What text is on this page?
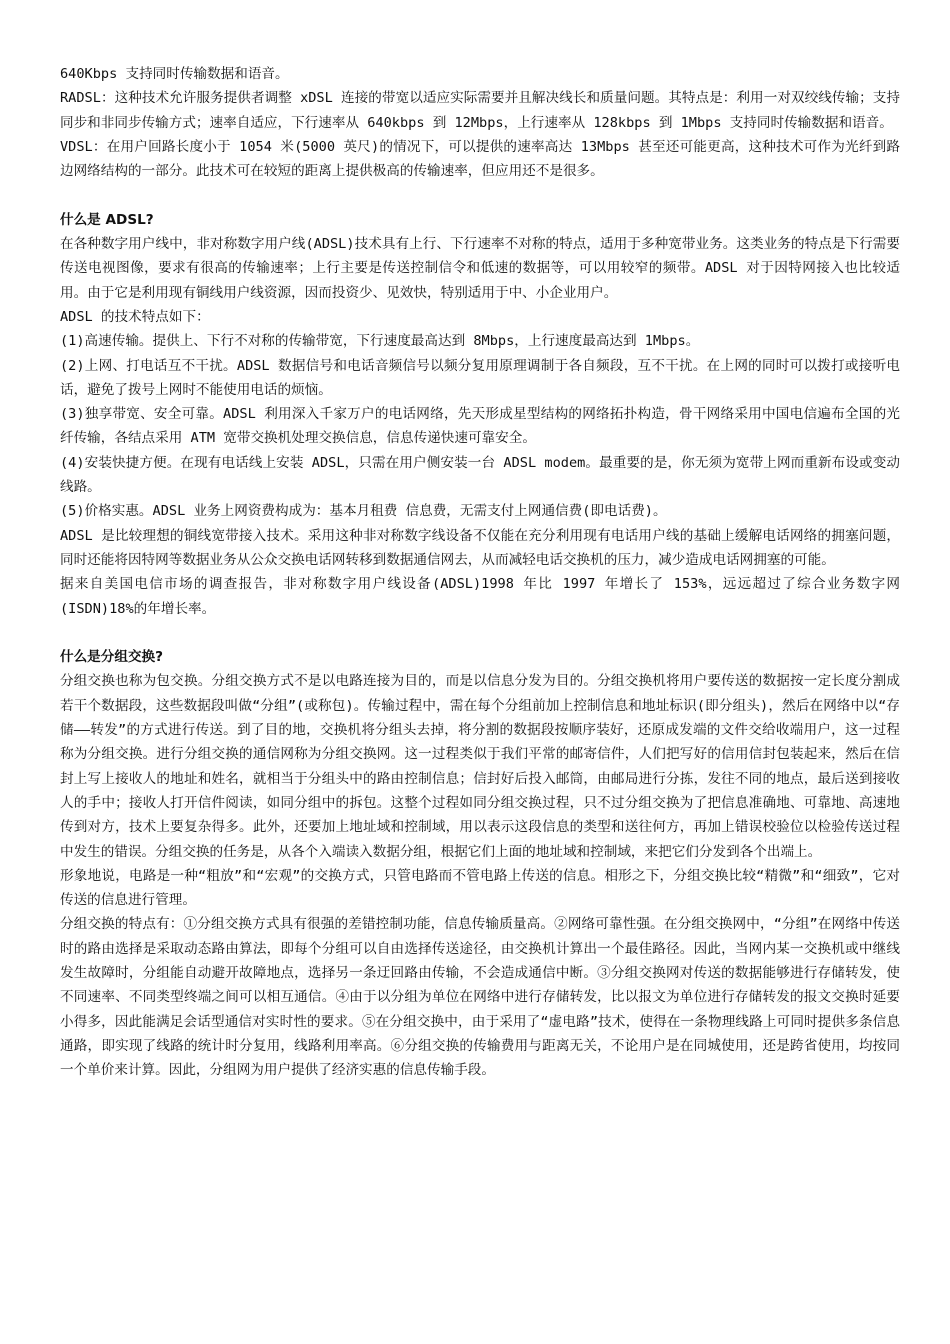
640Kbps 支持同时传输数据和语音。

RADSL：这种技术允许服务提供者调整 xDSL 连接的带宽以适应实际需要并且解决线长和质量问题。其特点是：利用一对双绞线传输；支持同步和非同步传输方式；速率自适应，下行速率从 640kbps 到 12Mbps，上行速率从 128kbps 到 1Mbps 支持同时传输数据和语音。

VDSL：在用户回路长度小于 1054 米(5000 英尺)的情况下，可以提供的速率高达 13Mbps 甚至还可能更高，这种技术可作为光纤到路边网络结构的一部分。此技术可在较短的距离上提供极高的传输速率，但应用还不是很多。

什么是 ADSL?

在各种数字用户线中，非对称数字用户线(ADSL)技术具有上行、下行速率不对称的特点，适用于多种宽带业务。这类业务的特点是下行需要传送电视图像，要求有很高的传输速率；上行主要是传送控制信令和低速的数据等，可以用较窄的频带。ADSL 对于因特网接入也比较适用。由于它是利用现有铜线用户线资源，因而投资少、见效快，特别适用于中、小企业用户。

ADSL 的技术特点如下：

(1)高速传输。提供上、下行不对称的传输带宽，下行速度最高达到 8Mbps，上行速度最高达到 1Mbps。

(2)上网、打电话互不干扰。ADSL 数据信号和电话音频信号以频分复用原理调制于各自频段，互不干扰。在上网的同时可以拨打或接听电话，避免了拨号上网时不能使用电话的烦恼。

(3)独享带宽、安全可靠。ADSL 利用深入千家万户的电话网络，先天形成星型结构的网络拓扑构造，骨干网络采用中国电信遍布全国的光纤传输，各结点采用 ATM 宽带交换机处理交换信息，信息传递快速可靠安全。

(4)安装快捷方便。在现有电话线上安装 ADSL，只需在用户侧安装一台 ADSL modem。最重要的是，你无须为宽带上网而重新布设或变动线路。

(5)价格实惠。ADSL 业务上网资费构成为：基本月租费 信息费，无需支付上网通信费(即电话费)。

ADSL 是比较理想的铜线宽带接入技术。采用这种非对称数字线设备不仅能在充分利用现有电话用户线的基础上缓解电话网络的拥塞问题，同时还能将因特网等数据业务从公众交换电话网转移到数据通信网去，从而减轻电话交换机的压力，减少造成电话网拥塞的可能。

据来自美国电信市场的调查报告，非对称数字用户线设备(ADSL)1998 年比 1997 年增长了 153%，远远超过了综合业务数字网(ISDN)18%的年增长率。

什么是分组交换?

分组交换也称为包交换。分组交换方式不是以电路连接为目的，而是以信息分发为目的。分组交换机将用户要传送的数据按一定长度分割成若干个数据段，这些数据段叫做“分组”(或称包)。传输过程中，需在每个分组前加上控制信息和地址标识(即分组头)，然后在网络中以“存储——转发”的方式进行传送。到了目的地，交换机将分组头去掉，将分割的数据段按顺序装好，还原成发端的文件交给收端用户，这一过程称为分组交换。进行分组交换的通信网称为分组交换网。这一过程类似于我们平常的邮寄信件，人们把写好的信用信封包装起来，然后在信封上写上接收人的地址和姓名，就相当于分组头中的路由控制信息；信封好后投入邮筒，由邮局进行分拣，发往不同的地点，最后送到接收人的手中；接收人打开信件阅读，如同分组中的拆包。这整个过程如同分组交换过程，只不过分组交换为了把信息准确地、可靠地、高速地传到对方，技术上要复杂得多。此外，还要加上地址域和控制域，用以表示这段信息的类型和送往何方，再加上错误校验位以检验传送过程中发生的错误。分组交换的任务是，从各个入端读入数据分组，根据它们上面的地址域和控制域，来把它们分发到各个出端上。

形象地说，电路是一种“粗放”和“宏观”的交换方式，只管电路而不管电路上传送的信息。相形之下，分组交换比较“精微”和“细致”，它对传送的信息进行管理。

分组交换的特点有：①分组交换方式具有很强的差错控制功能，信息传输质量高。②网络可靠性强。在分组交换网中，“分组”在网络中传送时的路由选择是采取动态路由算法，即每个分组可以自由选择传送途径，由交换机计算出一个最佳路径。因此，当网内某一交换机或中继线发生故障时，分组能自动避开故障地点，选择另一条迂回路由传输，不会造成通信中断。③分组交换网对传送的数据能够进行存储转发，使不同速率、不同类型终端之间可以相互通信。④由于以分组为单位在网络中进行存储转发，比以报文为单位进行存储转发的报文交换时延要小得多，因此能满足会话型通信对实时性的要求。⑤在分组交换中，由于采用了“虚电路”技术，使得在一条物理线路上可同时提供多条信息通路，即实现了线路的统计时分复用，线路利用率高。⑥分组交换的传输费用与距离无关，不论用户是在同城使用，还是跨省使用，均按同一个单价来计算。因此，分组网为用户提供了经济实惠的信息传输手段。
